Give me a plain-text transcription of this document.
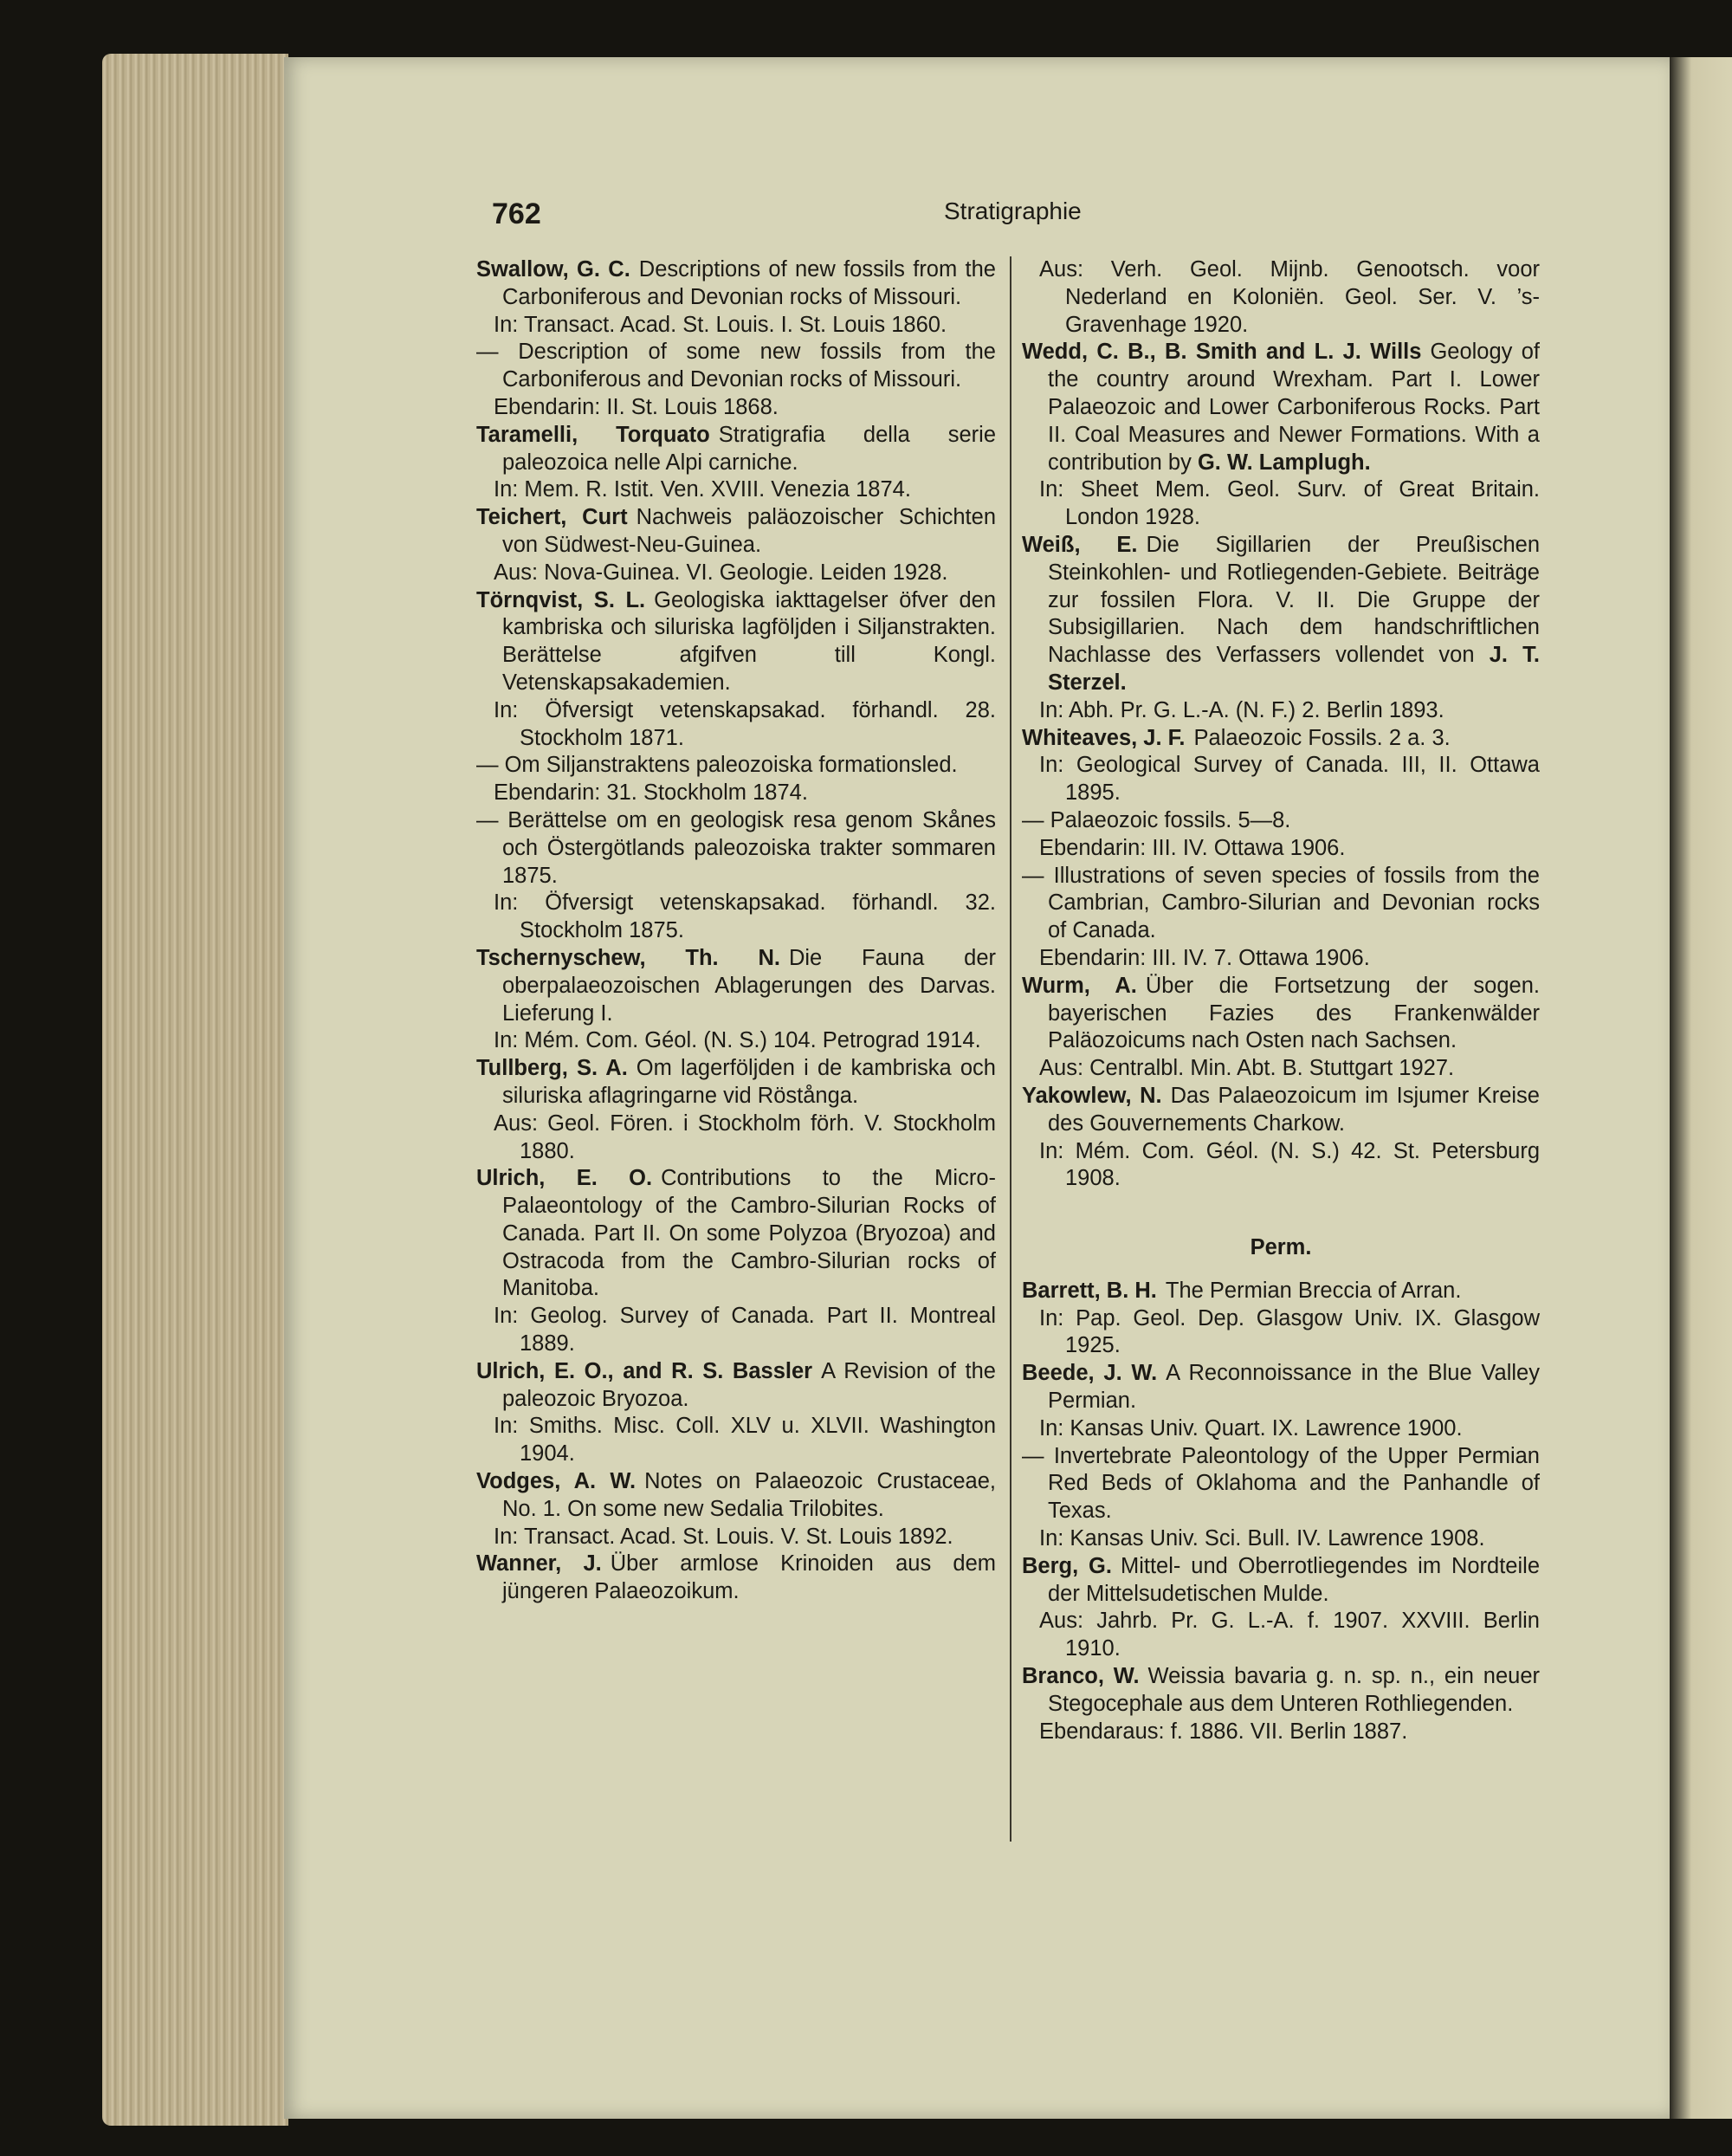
762	Stratigraphie
Swallow, G. C. Descriptions of new fossils from the Carboniferous and Devonian rocks of Missouri.
In: Transact. Acad. St. Louis. I. St. Louis 1860.
— Description of some new fossils from the Carboniferous and Devonian rocks of Missouri.
Ebendarin: II. St. Louis 1868.
Taramelli, Torquato Stratigrafia della serie paleozoica nelle Alpi carniche.
In: Mem. R. Istit. Ven. XVIII. Venezia 1874.
Teichert, Curt Nachweis paläozoischer Schichten von Südwest-Neu-Guinea.
Aus: Nova-Guinea. VI. Geologie. Leiden 1928.
Törnqvist, S. L. Geologiska iakttagelser öfver den kambriska och siluriska lagföljden i Siljanstrakten. Berättelse afgifven till Kongl. Vetenskapsakademien.
In: Öfversigt vetenskapsakad. förhandl. 28. Stockholm 1871.
— Om Siljanstraktens paleozoiska formationsled.
Ebendarin: 31. Stockholm 1874.
— Berättelse om en geologisk resa genom Skånes och Östergötlands paleozoiska trakter sommaren 1875.
In: Öfversigt vetenskapsakad. förhandl. 32. Stockholm 1875.
Tschernyschew, Th. N. Die Fauna der oberpalaeozoischen Ablagerungen des Darvas. Lieferung I.
In: Mém. Com. Géol. (N. S.) 104. Petrograd 1914.
Tullberg, S. A. Om lagerföljden i de kambriska och siluriska aflagringarne vid Röstånga.
Aus: Geol. Fören. i Stockholm förh. V. Stockholm 1880.
Ulrich, E. O. Contributions to the Micro-Palaeontology of the Cambro-Silurian Rocks of Canada. Part II. On some Polyzoa (Bryozoa) and Ostracoda from the Cambro-Silurian rocks of Manitoba.
In: Geolog. Survey of Canada. Part II. Montreal 1889.
Ulrich, E. O., and R. S. Bassler A Revision of the paleozoic Bryozoa.
In: Smiths. Misc. Coll. XLV u. XLVII. Washington 1904.
Vodges, A. W. Notes on Palaeozoic Crustaceae, No. 1. On some new Sedalia Trilobites.
In: Transact. Acad. St. Louis. V. St. Louis 1892.
Wanner, J. Über armlose Krinoiden aus dem jüngeren Palaeozoikum.
Aus: Verh. Geol. Mijnb. Genootsch. voor Nederland en Koloniën. Geol. Ser. V. ’s-Gravenhage 1920.
Wedd, C. B., B. Smith and L. J. Wills Geology of the country around Wrexham. Part I. Lower Palaeozoic and Lower Carboniferous Rocks. Part II. Coal Measures and Newer Formations. With a contribution by G. W. Lamplugh.
In: Sheet Mem. Geol. Surv. of Great Britain. London 1928.
Weiß, E. Die Sigillarien der Preußischen Steinkohlen- und Rotliegenden-Gebiete. Beiträge zur fossilen Flora. V. II. Die Gruppe der Subsigillarien. Nach dem handschriftlichen Nachlasse des Verfassers vollendet von J. T. Sterzel.
In: Abh. Pr. G. L.-A. (N. F.) 2. Berlin 1893.
Whiteaves, J. F. Palaeozoic Fossils. 2 a. 3.
In: Geological Survey of Canada. III, II. Ottawa 1895.
— Palaeozoic fossils. 5—8.
Ebendarin: III. IV. Ottawa 1906.
— Illustrations of seven species of fossils from the Cambrian, Cambro-Silurian and Devonian rocks of Canada.
Ebendarin: III. IV. 7. Ottawa 1906.
Wurm, A. Über die Fortsetzung der sogen. bayerischen Fazies des Frankenwälder Paläozoicums nach Osten nach Sachsen.
Aus: Centralbl. Min. Abt. B. Stuttgart 1927.
Yakowlew, N. Das Palaeozoicum im Isjumer Kreise des Gouvernements Charkow.
In: Mém. Com. Géol. (N. S.) 42. St. Petersburg 1908.
Perm.
Barrett, B. H. The Permian Breccia of Arran.
In: Pap. Geol. Dep. Glasgow Univ. IX. Glasgow 1925.
Beede, J. W. A Reconnoissance in the Blue Valley Permian.
In: Kansas Univ. Quart. IX. Lawrence 1900.
— Invertebrate Paleontology of the Upper Permian Red Beds of Oklahoma and the Panhandle of Texas.
In: Kansas Univ. Sci. Bull. IV. Lawrence 1908.
Berg, G. Mittel- und Oberrotliegendes im Nordteile der Mittelsudetischen Mulde.
Aus: Jahrb. Pr. G. L.-A. f. 1907. XXVIII. Berlin 1910.
Branco, W. Weissia bavaria g. n. sp. n., ein neuer Stegocephale aus dem Unteren Rothliegenden.
Ebendaraus: f. 1886. VII. Berlin 1887.
